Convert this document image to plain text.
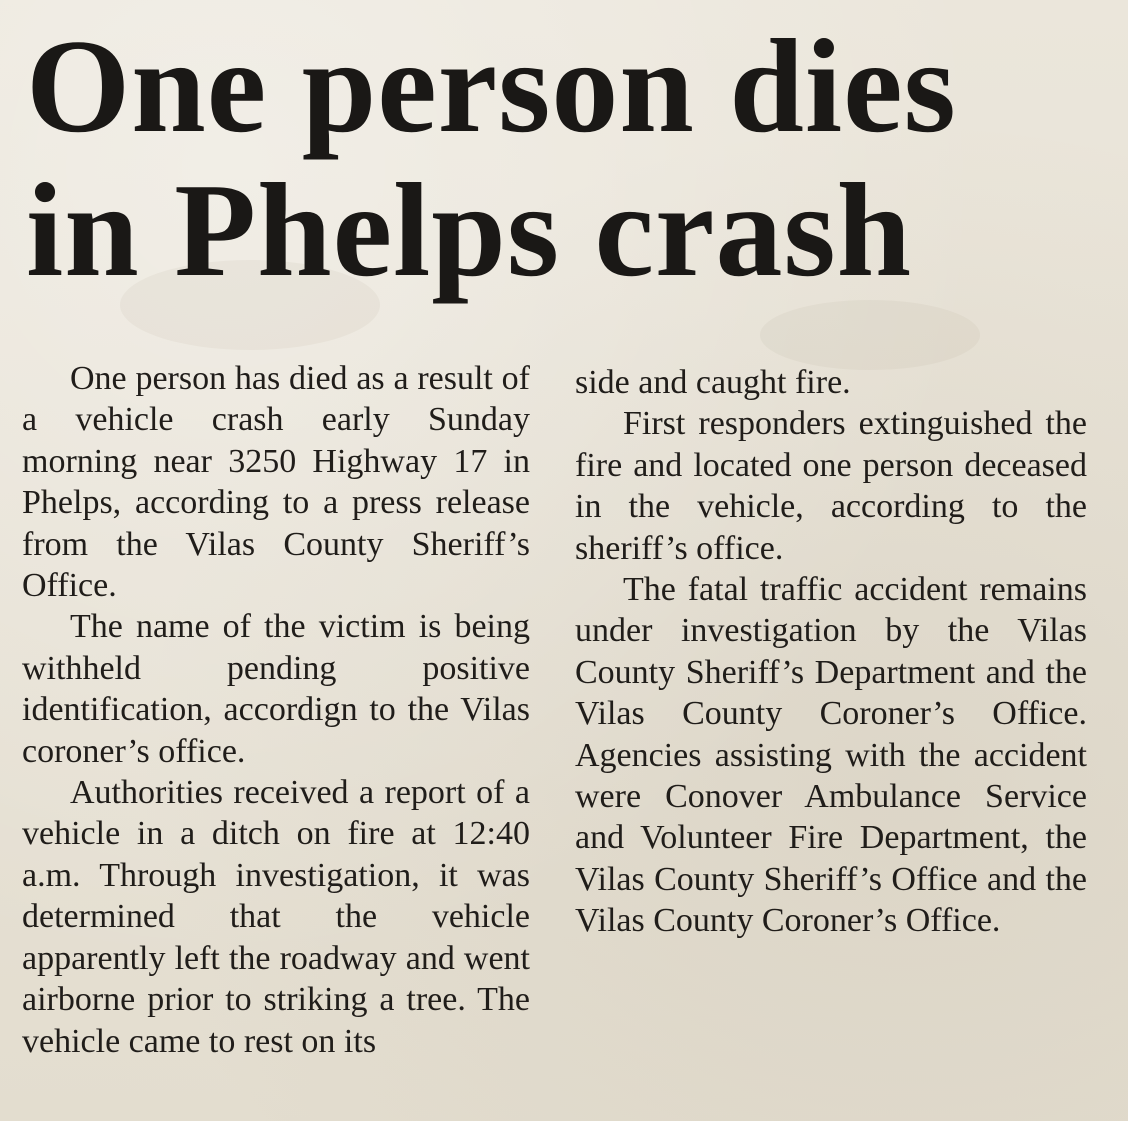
One person dies
in Phelps crash

One person has died as a result of a vehicle crash early Sunday morning near 3250 Highway 17 in Phelps, according to a press release from the Vilas County Sheriff’s Office.

The name of the victim is being withheld pending positive identification, accordign to the Vilas coroner’s office.

Authorities received a report of a vehicle in a ditch on fire at 12:40 a.m. Through investigation, it was determined that the vehicle apparently left the roadway and went airborne prior to striking a tree. The vehicle came to rest on its

side and caught fire.

First responders extinguished the fire and located one person deceased in the vehicle, according to the sheriff’s office.

The fatal traffic accident remains under investigation by the Vilas County Sheriff’s Department and the Vilas County Coroner’s Office. Agencies assisting with the accident were Conover Ambulance Service and Volunteer Fire Department, the Vilas County Sheriff’s Office and the Vilas County Coroner’s Office.
